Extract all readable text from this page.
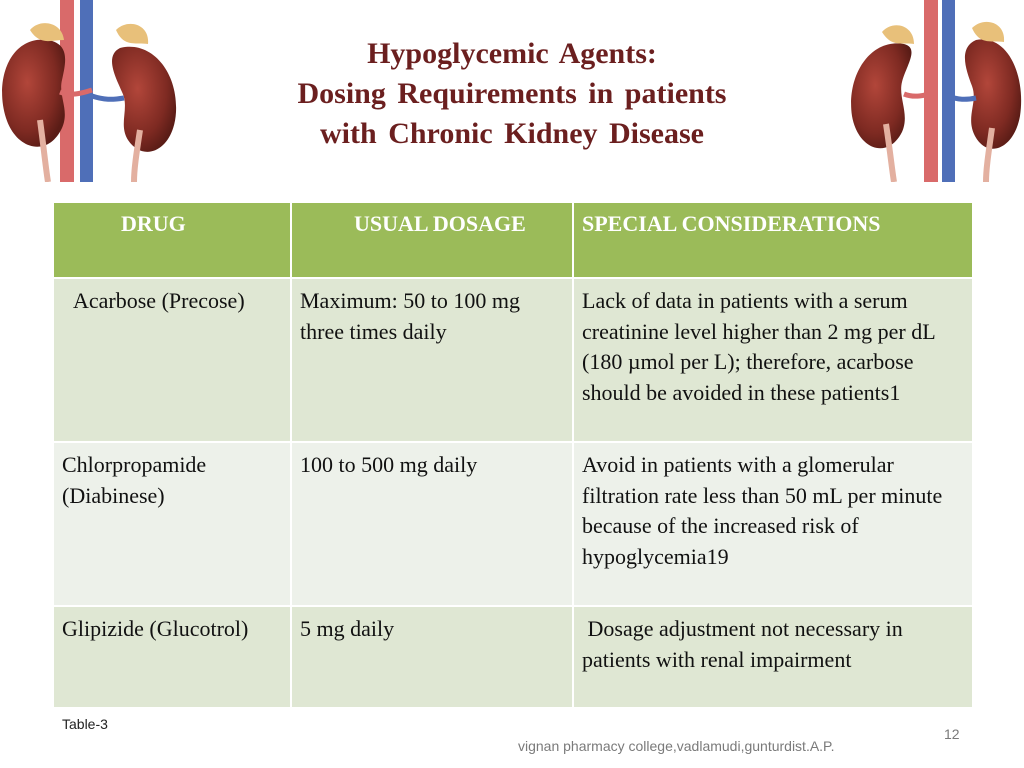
Hypoglycemic Agents:
Dosing Requirements in patients
with Chronic Kidney Disease
DRUG	USUAL DOSAGE	SPECIAL CONSIDERATIONS
Acarbose (Precose)	Maximum: 50 to 100 mg three times daily	Lack of data in patients with a serum creatinine level higher than 2 mg per dL (180 µmol per L); therefore, acarbose should be avoided in these patients1
Chlorpropamide (Diabinese)	100 to 500 mg daily	Avoid in patients with a glomerular filtration rate less than 50 mL per minute because of the increased risk of hypoglycemia19
Glipizide (Glucotrol)	5 mg daily	Dosage adjustment not necessary in patients with renal impairment
Table-3
vignan pharmacy college,vadlamudi,gunturdist.A.P.
12
